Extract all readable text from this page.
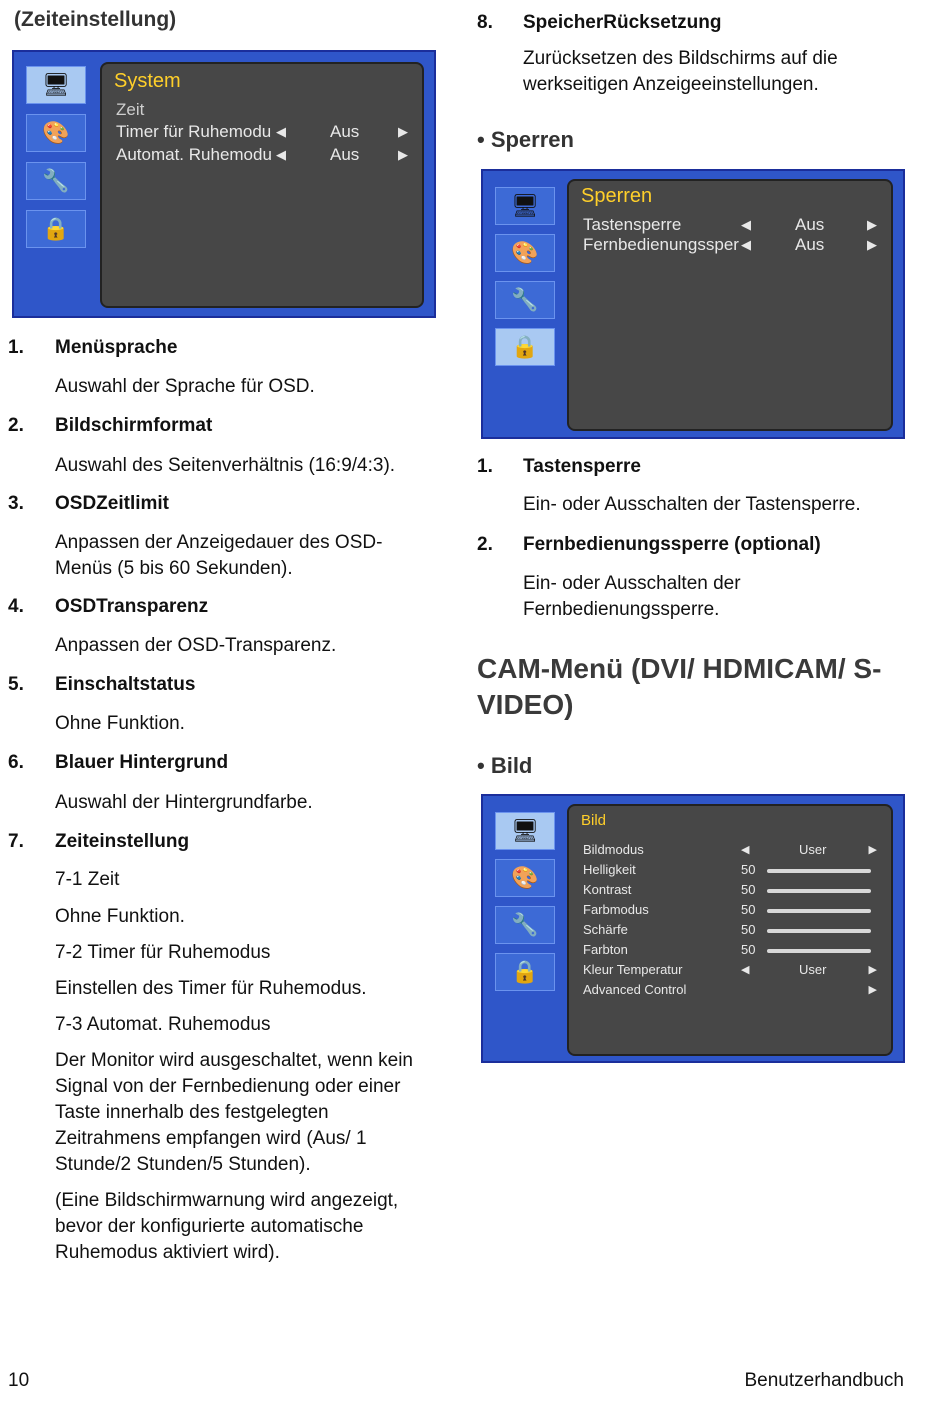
(Zeiteinstellung)
🖥
🎨
🔧
🔒
System
Zeit
Timer für Ruhemodu ◀	Aus	▶
Automat. Ruhemodu ◀	Aus	▶
1. Menüsprache
Auswahl der Sprache für OSD.
2. Bildschirmformat
Auswahl des Seitenverhältnis (16:9/4:3).
3. OSDZeitlimit
Anpassen der Anzeigedauer des OSD-Menüs (5 bis 60 Sekunden).
4. OSDTransparenz
Anpassen der OSD-Transparenz.
5. Einschaltstatus
Ohne Funktion.
6. Blauer Hintergrund
Auswahl der Hintergrundfarbe.
7. Zeiteinstellung
7-1 Zeit
Ohne Funktion.
7-2 Timer für Ruhemodus
Einstellen des Timer für Ruhemodus.
7-3 Automat. Ruhemodus
Der Monitor wird ausgeschaltet, wenn kein Signal von der Fernbedienung oder einer Taste innerhalb des festgelegten Zeitrahmens empfangen wird (Aus/ 1 Stunde/2 Stunden/5 Stunden).
(Eine Bildschirmwarnung wird angezeigt, bevor der konfigurierte automatische Ruhemodus aktiviert wird).
8. SpeicherRücksetzung
Zurücksetzen des Bildschirms auf die werkseitigen Anzeigeeinstellungen.
• Sperren
🖥
🎨
🔧
🔒
Sperren
Tastensperre	◀	Aus	▶
Fernbedienungssper ◀	Aus	▶
1. Tastensperre
Ein- oder Ausschalten der Tastensperre.
2. Fernbedienungssperre (optional)
Ein- oder Ausschalten der Fernbedienungssperre.
CAM-Menü (DVI/ HDMICAM/ S-VIDEO)
• Bild
🖥
🎨
🔧
🔒
Bild
Bildmodus	◀	User	▶
Helligkeit	50
Kontrast	50
Farbmodus	50
Schärfe	50
Farbton	50
Kleur Temperatur	◀	User	▶
Advanced Control	▶
10	Benutzerhandbuch
